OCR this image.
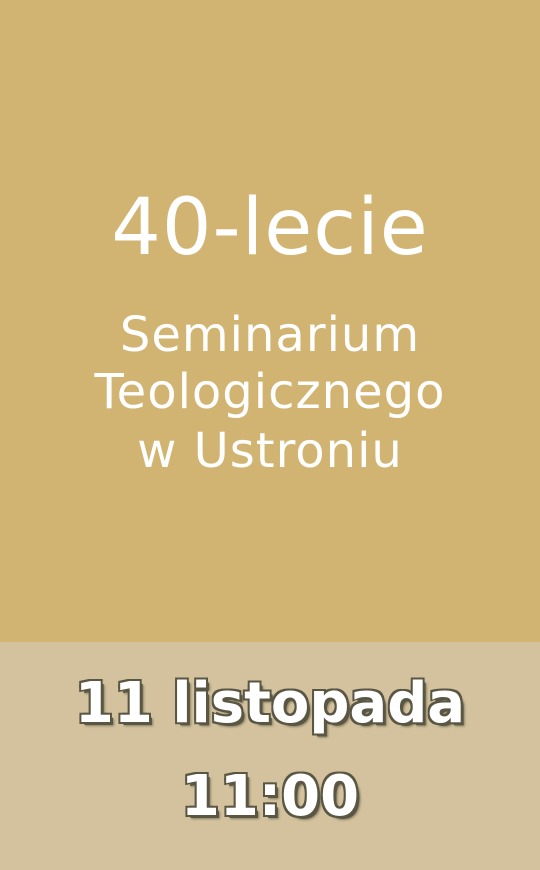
40-lecie
Seminarium
Teologicznego
w Ustroniu
11 listopada
11:00
